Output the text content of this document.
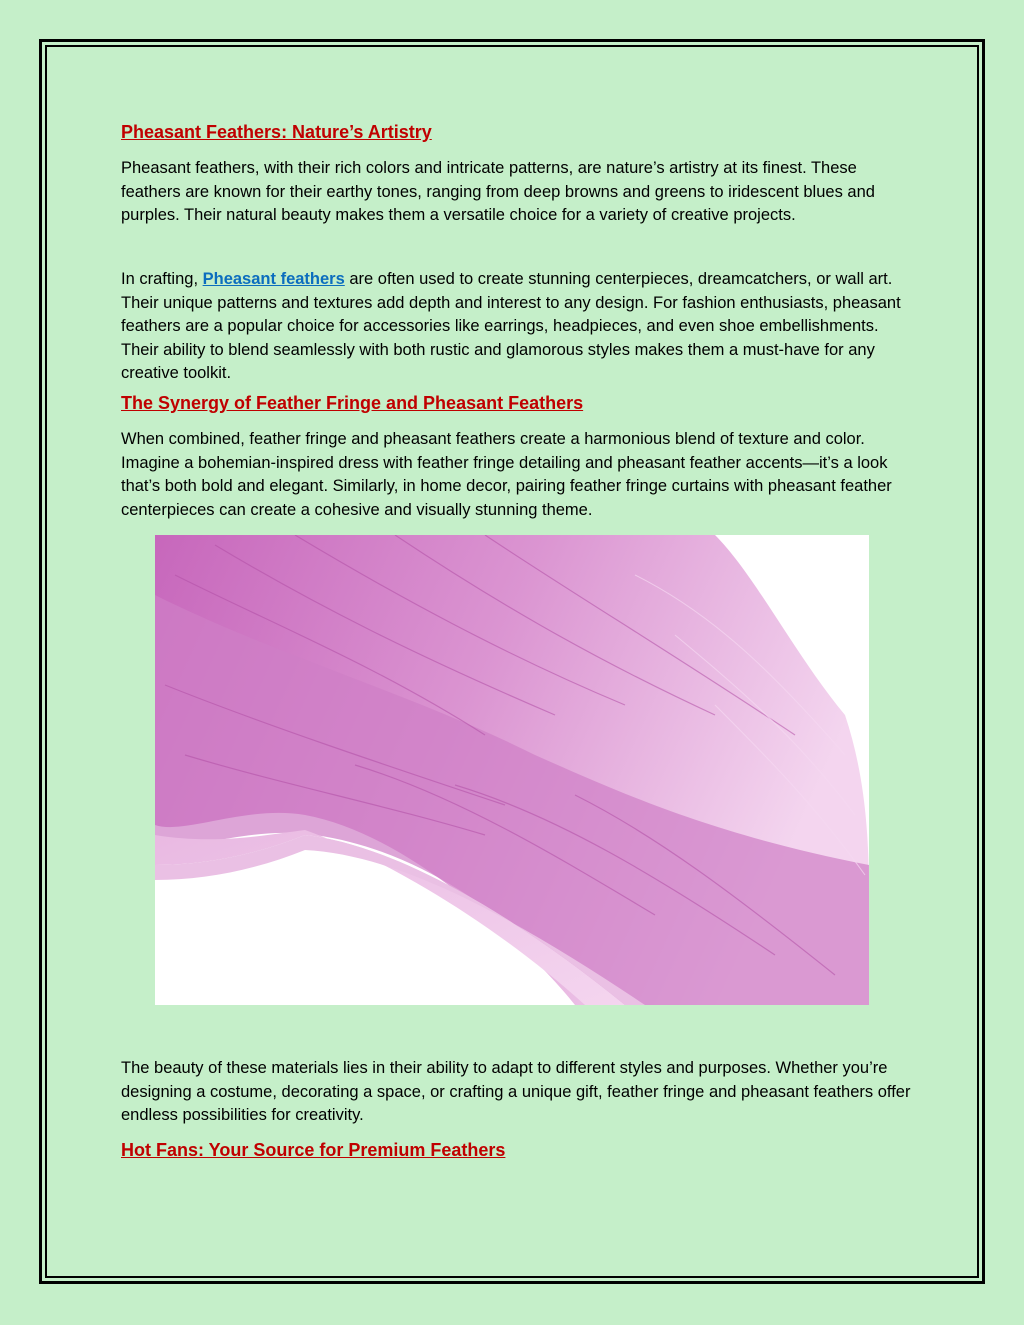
Pheasant Feathers: Nature’s Artistry

Pheasant feathers, with their rich colors and intricate patterns, are nature’s artistry at its finest. These feathers are known for their earthy tones, ranging from deep browns and greens to iridescent blues and purples. Their natural beauty makes them a versatile choice for a variety of creative projects.

In crafting, Pheasant feathers are often used to create stunning centerpieces, dreamcatchers, or wall art. Their unique patterns and textures add depth and interest to any design. For fashion enthusiasts, pheasant feathers are a popular choice for accessories like earrings, headpieces, and even shoe embellishments. Their ability to blend seamlessly with both rustic and glamorous styles makes them a must-have for any creative toolkit.

The Synergy of Feather Fringe and Pheasant Feathers

When combined, feather fringe and pheasant feathers create a harmonious blend of texture and color. Imagine a bohemian-inspired dress with feather fringe detailing and pheasant feather accents—it’s a look that’s both bold and elegant. Similarly, in home decor, pairing feather fringe curtains with pheasant feather centerpieces can create a cohesive and visually stunning theme.

The beauty of these materials lies in their ability to adapt to different styles and purposes. Whether you’re designing a costume, decorating a space, or crafting a unique gift, feather fringe and pheasant feathers offer endless possibilities for creativity.

Hot Fans: Your Source for Premium Feathers
